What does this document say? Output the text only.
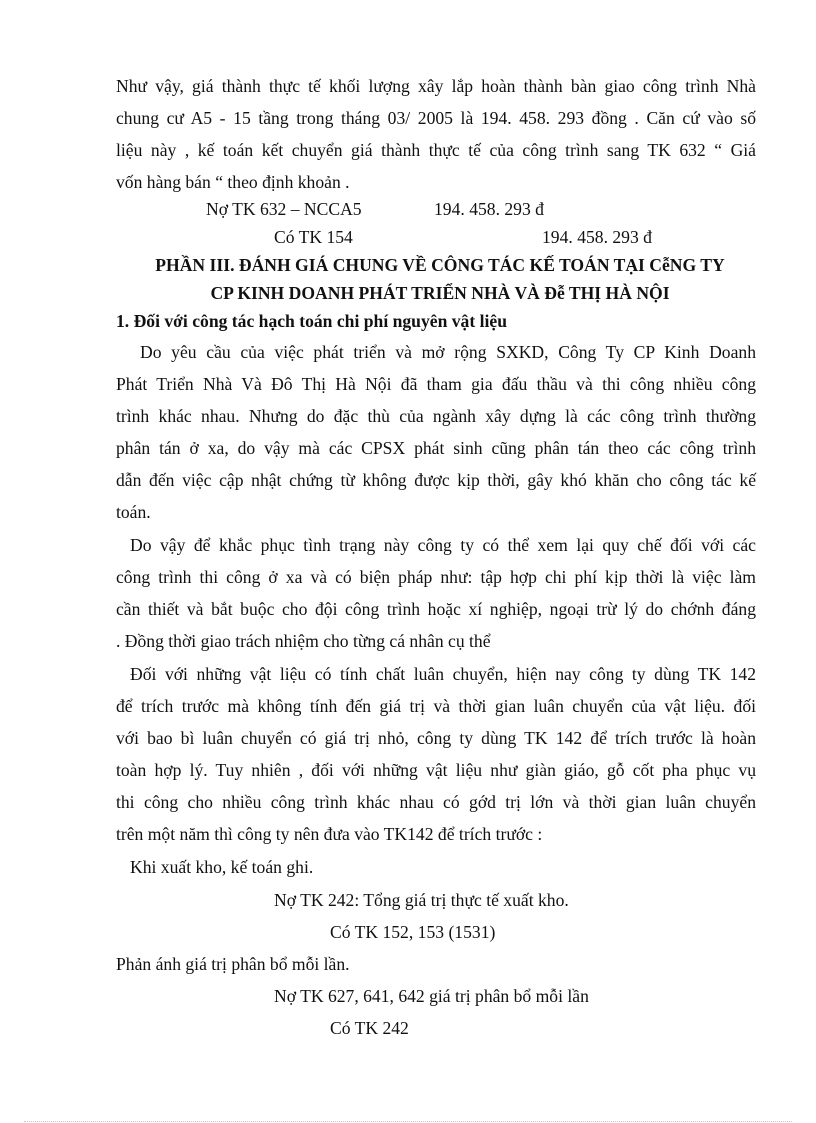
Như vậy, giá thành thực tế khối lượng xây lắp hoàn thành bàn giao công trình Nhà
chung cư A5 - 15 tầng trong tháng 03/ 2005 là 194. 458. 293 đồng . Căn cứ vào số
liệu này , kế toán kết chuyển giá thành thực tế của công trình sang TK 632 “ Giá
vốn hàng bán “ theo định khoản .
Nợ TK 632 – NCCA5	194. 458. 293 đ
Có TK 154	194. 458. 293 đ
PHẦN III. ĐÁNH GIÁ CHUNG VỀ CÔNG TÁC KẾ TOÁN TẠI CễNG TY
CP KINH DOANH PHÁT TRIỂN NHÀ VÀ Đễ THỊ HÀ NỘI
1. Đối với công tác hạch toán chi phí nguyên vật liệu
Do yêu cầu của việc phát triển và mở rộng SXKD, Công Ty CP Kinh Doanh
Phát Triển Nhà Và Đô Thị Hà Nội đã tham gia đấu thầu và thi công nhiều công
trình khác nhau. Nhưng do đặc thù của ngành xây dựng là các công trình thường
phân tán ở xa, do vậy mà các CPSX phát sinh cũng phân tán theo các công trình
dẫn đến việc cập nhật chứng từ không được kịp thời, gây khó khăn cho công tác kế
toán.
Do vậy để khắc phục tình trạng này công ty có thể xem lại quy chế đối với các
công trình thi công ở xa và có biện pháp như: tập hợp chi phí kịp thời là việc làm
cần thiết và bắt buộc cho đội công trình hoặc xí nghiệp, ngoại trừ lý do chớnh đáng
. Đồng thời giao trách nhiệm cho từng cá nhân cụ thể
Đối với những vật liệu có tính chất luân chuyển, hiện nay công ty dùng TK 142
để trích trước mà không tính đến giá trị và thời gian luân chuyển của vật liệu. đối
với bao bì luân chuyển có giá trị nhỏ, công ty dùng TK 142 để trích trước là hoàn
toàn hợp lý. Tuy nhiên , đối với những vật liệu như giàn giáo, gỗ cốt pha phục vụ
thi công cho nhiều công trình khác nhau có gớd trị lớn và thời gian luân chuyển
trên một năm thì công ty nên đưa vào TK142 để trích trước :
Khi xuất kho, kế toán ghi.
Nợ TK 242: Tổng giá trị thực tế xuất kho.
Có TK 152, 153 (1531)
Phản ánh giá trị phân bổ mỗi lần.
Nợ TK 627, 641, 642 giá trị phân bổ mỗi lần
Có TK 242
